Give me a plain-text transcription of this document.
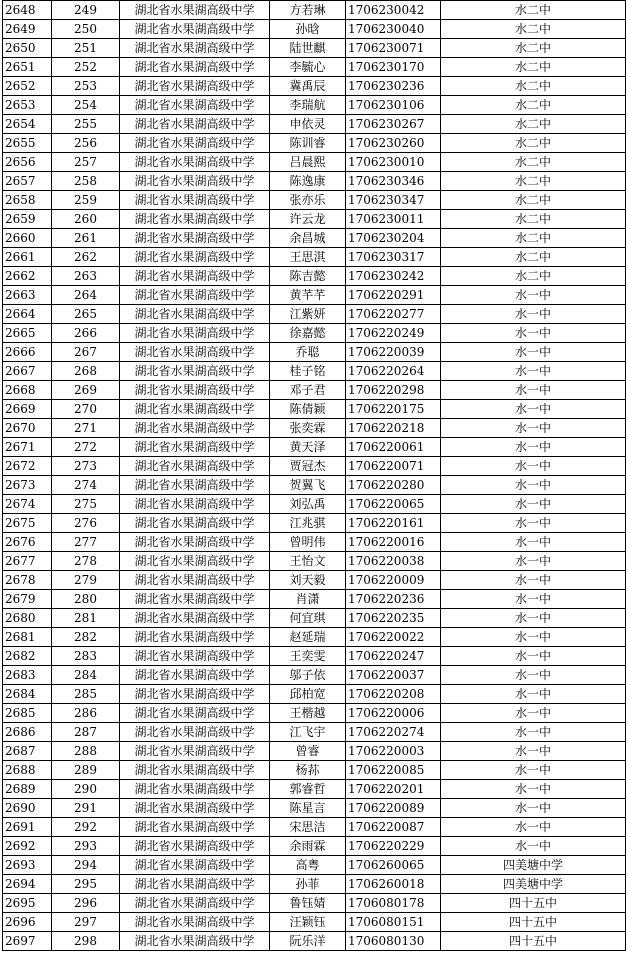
2648	249	湖北省水果湖高级中学	方若琳	1706230042	水二中
2649	250	湖北省水果湖高级中学	孙晗	1706230040	水二中
2650	251	湖北省水果湖高级中学	陆世麒	1706230071	水二中
2651	252	湖北省水果湖高级中学	李毓心	1706230170	水二中
2652	253	湖北省水果湖高级中学	冀禹辰	1706230236	水二中
2653	254	湖北省水果湖高级中学	李瑞航	1706230106	水二中
2654	255	湖北省水果湖高级中学	申依灵	1706230267	水二中
2655	256	湖北省水果湖高级中学	陈训睿	1706230260	水二中
2656	257	湖北省水果湖高级中学	吕晨熙	1706230010	水二中
2657	258	湖北省水果湖高级中学	陈逸康	1706230346	水二中
2658	259	湖北省水果湖高级中学	张亦乐	1706230347	水二中
2659	260	湖北省水果湖高级中学	许云龙	1706230011	水二中
2660	261	湖北省水果湖高级中学	余昌城	1706230204	水二中
2661	262	湖北省水果湖高级中学	王思淇	1706230317	水二中
2662	263	湖北省水果湖高级中学	陈吉懿	1706230242	水二中
2663	264	湖北省水果湖高级中学	黄芊芊	1706220291	水一中
2664	265	湖北省水果湖高级中学	江紫妍	1706220277	水一中
2665	266	湖北省水果湖高级中学	徐嘉懿	1706220249	水一中
2666	267	湖北省水果湖高级中学	乔聪	1706220039	水一中
2667	268	湖北省水果湖高级中学	桂子铭	1706220264	水一中
2668	269	湖北省水果湖高级中学	邓子君	1706220298	水一中
2669	270	湖北省水果湖高级中学	陈倩颖	1706220175	水一中
2670	271	湖北省水果湖高级中学	张奕霖	1706220218	水一中
2671	272	湖北省水果湖高级中学	黄天泽	1706220061	水一中
2672	273	湖北省水果湖高级中学	贾冠杰	1706220071	水一中
2673	274	湖北省水果湖高级中学	贺翼飞	1706220280	水一中
2674	275	湖北省水果湖高级中学	刘弘禹	1706220065	水一中
2675	276	湖北省水果湖高级中学	江兆骐	1706220161	水一中
2676	277	湖北省水果湖高级中学	曾明伟	1706220016	水一中
2677	278	湖北省水果湖高级中学	王怡文	1706220038	水一中
2678	279	湖北省水果湖高级中学	刘天毅	1706220009	水一中
2679	280	湖北省水果湖高级中学	肖潇	1706220236	水一中
2680	281	湖北省水果湖高级中学	何宜琪	1706220235	水一中
2681	282	湖北省水果湖高级中学	赵延瑞	1706220022	水一中
2682	283	湖北省水果湖高级中学	王奕雯	1706220247	水一中
2683	284	湖北省水果湖高级中学	邬子依	1706220037	水一中
2684	285	湖北省水果湖高级中学	邱柏宽	1706220208	水一中
2685	286	湖北省水果湖高级中学	王楷越	1706220006	水一中
2686	287	湖北省水果湖高级中学	江飞宇	1706220274	水一中
2687	288	湖北省水果湖高级中学	曾睿	1706220003	水一中
2688	289	湖北省水果湖高级中学	杨荪	1706220085	水一中
2689	290	湖北省水果湖高级中学	郭睿哲	1706220201	水一中
2690	291	湖北省水果湖高级中学	陈星言	1706220089	水一中
2691	292	湖北省水果湖高级中学	宋思洁	1706220087	水一中
2692	293	湖北省水果湖高级中学	余雨霖	1706220229	水一中
2693	294	湖北省水果湖高级中学	高粤	1706260065	四美塘中学
2694	295	湖北省水果湖高级中学	孙菲	1706260018	四美塘中学
2695	296	湖北省水果湖高级中学	鲁钰婧	1706080178	四十五中
2696	297	湖北省水果湖高级中学	汪颖钰	1706080151	四十五中
2697	298	湖北省水果湖高级中学	阮乐洋	1706080130	四十五中
